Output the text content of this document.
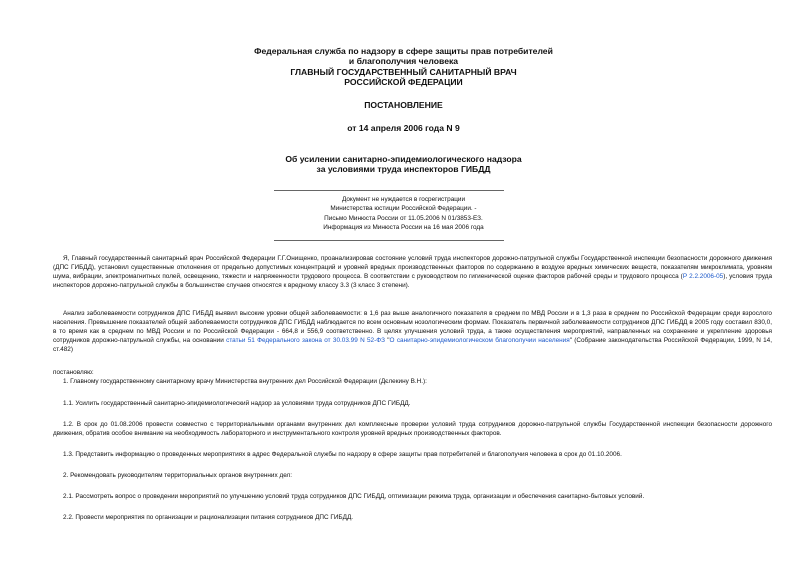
Федеральная служба по надзору в сфере защиты прав потребителей
и благополучия человека
ГЛАВНЫЙ ГОСУДАРСТВЕННЫЙ САНИТАРНЫЙ ВРАЧ
РОССИЙСКОЙ ФЕДЕРАЦИИ
ПОСТАНОВЛЕНИЕ
от 14 апреля 2006 года N 9
Об усилении санитарно-эпидемиологического надзора
за условиями труда инспекторов ГИБДД
Документ не нуждается в госрегистрации
Министерства юстиции Российской Федерации. -
Письмо Минюста России от 11.05.2006 N 01/3853-ЕЗ.
Информация из Минюста России на 16 мая 2006 года
Я, Главный государственный санитарный врач Российской Федерации Г.Г.Онищенко, проанализировав состояние условий труда инспекторов дорожно-патрульной службы Государственной инспекции безопасности дорожного движения (ДПС ГИБДД), установил существенные отклонения от предельно допустимых концентраций и уровней вредных производственных факторов по содержанию в воздухе вредных химических веществ, показателям микроклимата, уровням шума, вибрации, электромагнитных полей, освещению, тяжести и напряженности трудового процесса. В соответствии с руководством по гигиенической оценке факторов рабочей среды и трудового процесса (Р 2.2.2006-05), условия труда инспекторов дорожно-патрульной службы в большинстве случаев относятся к вредному классу 3.3 (3 класс 3 степени).
Анализ заболеваемости сотрудников ДПС ГИБДД выявил высокие уровни общей заболеваемости: в 1,6 раз выше аналогичного показателя в среднем по МВД России и в 1,3 раза в среднем по Российской Федерации среди взрослого населения. Превышение показателей общей заболеваемости сотрудников ДПС ГИБДД наблюдается по всем основным нозологическим формам. Показатель первичной заболеваемости сотрудников ДПС ГИБДД в 2005 году составил 830,0, в то время как в среднем по МВД России и по Российской Федерации - 664,8 и 556,9 соответственно. В целях улучшения условий труда, а также осуществления мероприятий, направленных на сохранение и укрепление здоровья сотрудников дорожно-патрульной службы, на основании статьи 51 Федерального закона от 30.03.99 N 52-ФЗ "О санитарно-эпидемиологическом благополучии населения" (Собрание законодательства Российской Федерации, 1999, N 14, ст.482)
постановляю:
1. Главному государственному санитарному врачу Министерства внутренних дел Российской Федерации (Дєлекину В.Н.):
1.1. Усилить государственный санитарно-эпидемиологический надзор за условиями труда сотрудников ДПС ГИБДД.
1.2. В срок до 01.08.2006 провести совместно с территориальными органами внутренних дел комплексные проверки условий труда сотрудников дорожно-патрульной службы Государственной инспекции безопасности дорожного движения, обратив особое внимание на необходимость лабораторного и инструментального контроля уровней вредных производственных факторов.
1.3. Представить информацию о проведенных мероприятиях в адрес Федеральной службы по надзору в сфере защиты прав потребителей и благополучия человека в срок до 01.10.2006.
2. Рекомендовать руководителям территориальных органов внутренних дел:
2.1. Рассмотреть вопрос о проведении мероприятий по улучшению условий труда сотрудников ДПС ГИБДД, оптимизации режима труда, организации и обеспечения санитарно-бытовых условий.
2.2. Провести мероприятия по организации и рационализации питания сотрудников ДПС ГИБДД.
